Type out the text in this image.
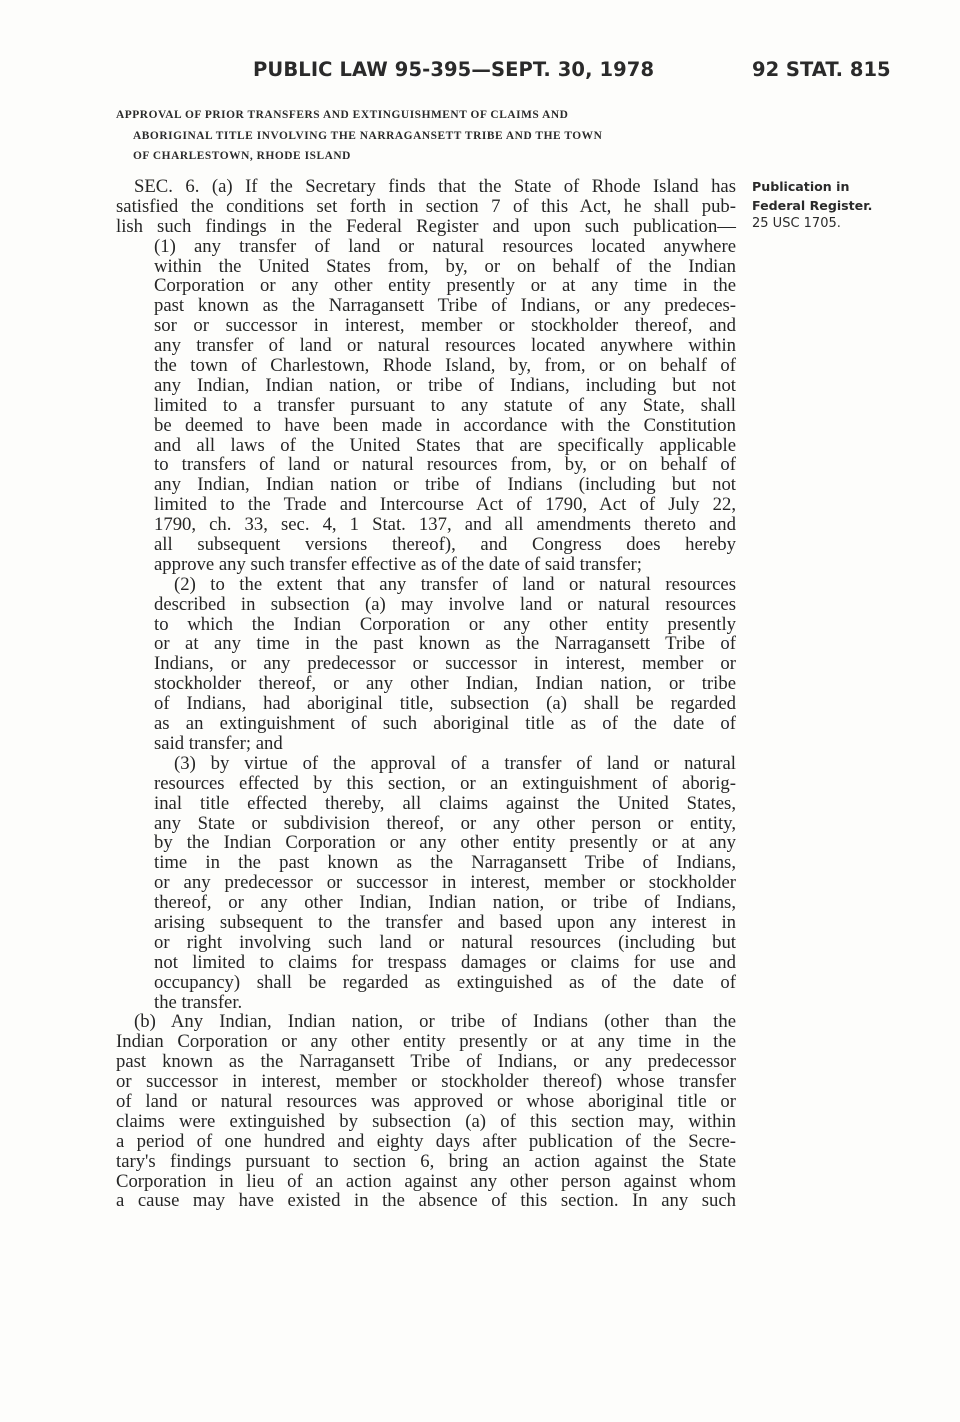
PUBLIC LAW 95-395—SEPT. 30, 1978	92 STAT. 815
APPROVAL OF PRIOR TRANSFERS AND EXTINGUISHMENT OF CLAIMS AND
ABORIGINAL TITLE INVOLVING THE NARRAGANSETT TRIBE AND THE TOWN
OF CHARLESTOWN, RHODE ISLAND
Publication in
Federal Register.
25 USC 1705.
SEC. 6. (a) If the Secretary finds that the State of Rhode Island has
satisfied the conditions set forth in section 7 of this Act, he shall pub-
lish such findings in the Federal Register and upon such publication—
(1) any transfer of land or natural resources located anywhere
within the United States from, by, or on behalf of the Indian
Corporation or any other entity presently or at any time in the
past known as the Narragansett Tribe of Indians, or any predeces-
sor or successor in interest, member or stockholder thereof, and
any transfer of land or natural resources located anywhere within
the town of Charlestown, Rhode Island, by, from, or on behalf of
any Indian, Indian nation, or tribe of Indians, including but not
limited to a transfer pursuant to any statute of any State, shall
be deemed to have been made in accordance with the Constitution
and all laws of the United States that are specifically applicable
to transfers of land or natural resources from, by, or on behalf of
any Indian, Indian nation or tribe of Indians (including but not
limited to the Trade and Intercourse Act of 1790, Act of July 22,
1790, ch. 33, sec. 4, 1 Stat. 137, and all amendments thereto and
all subsequent versions thereof), and Congress does hereby
approve any such transfer effective as of the date of said transfer;
(2) to the extent that any transfer of land or natural resources
described in subsection (a) may involve land or natural resources
to which the Indian Corporation or any other entity presently
or at any time in the past known as the Narragansett Tribe of
Indians, or any predecessor or successor in interest, member or
stockholder thereof, or any other Indian, Indian nation, or tribe
of Indians, had aboriginal title, subsection (a) shall be regarded
as an extinguishment of such aboriginal title as of the date of
said transfer; and
(3) by virtue of the approval of a transfer of land or natural
resources effected by this section, or an extinguishment of aborig-
inal title effected thereby, all claims against the United States,
any State or subdivision thereof, or any other person or entity,
by the Indian Corporation or any other entity presently or at any
time in the past known as the Narragansett Tribe of Indians,
or any predecessor or successor in interest, member or stockholder
thereof, or any other Indian, Indian nation, or tribe of Indians,
arising subsequent to the transfer and based upon any interest in
or right involving such land or natural resources (including but
not limited to claims for trespass damages or claims for use and
occupancy) shall be regarded as extinguished as of the date of
the transfer.
(b) Any Indian, Indian nation, or tribe of Indians (other than the
Indian Corporation or any other entity presently or at any time in the
past known as the Narragansett Tribe of Indians, or any predecessor
or successor in interest, member or stockholder thereof) whose transfer
of land or natural resources was approved or whose aboriginal title or
claims were extinguished by subsection (a) of this section may, within
a period of one hundred and eighty days after publication of the Secre-
tary's findings pursuant to section 6, bring an action against the State
Corporation in lieu of an action against any other person against whom
a cause may have existed in the absence of this section. In any such
